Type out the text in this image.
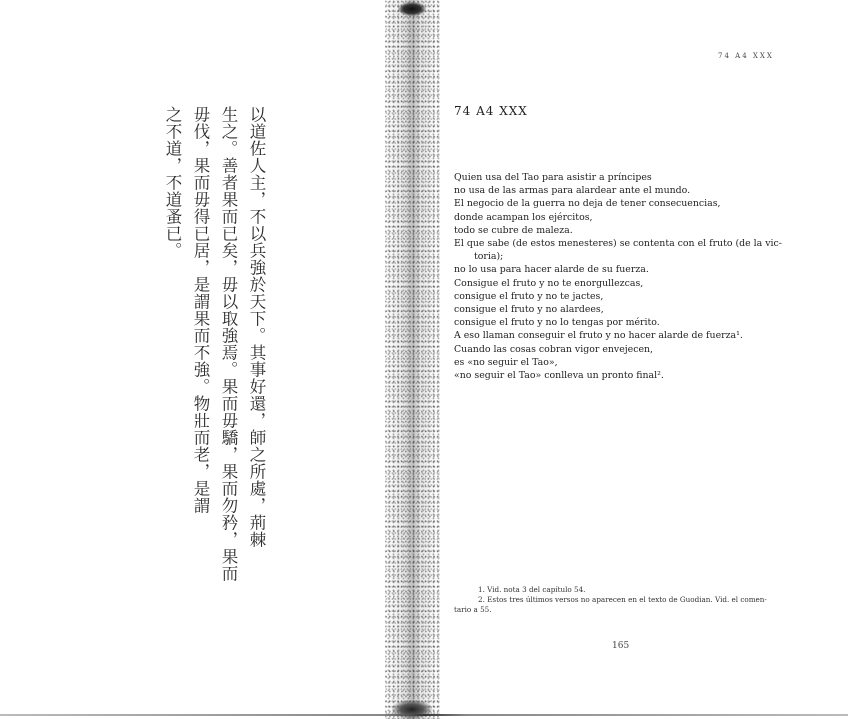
以道佐人主，不以兵強於天下。其事好還，師之所處，荊棘
生之。善者果而已矣，毋以取強焉。果而毋驕，果而勿矜，果而
毋伐，果而毋得已居，是謂果而不強。物壯而老，是謂
之不道，不道蚤已。
74 A4 XXX
74 A4 XXX
Quien usa del Tao para asistir a príncipes
no usa de las armas para alardear ante el mundo.
El negocio de la guerra no deja de tener consecuencias,
donde acampan los ejércitos,
todo se cubre de maleza.
El que sabe (de estos menesteres) se contenta con el fruto (de la vic-
toria);
no lo usa para hacer alarde de su fuerza.
Consigue el fruto y no te enorgullezcas,
consigue el fruto y no te jactes,
consigue el fruto y no alardees,
consigue el fruto y no lo tengas por mérito.
A eso llaman conseguir el fruto y no hacer alarde de fuerza¹.
Cuando las cosas cobran vigor envejecen,
es «no seguir el Tao»,
«no seguir el Tao» conlleva un pronto final².
1. Vid. nota 3 del capítulo 54.
2. Estos tres últimos versos no aparecen en el texto de Guodian. Vid. el comen-
tario a 55.
165
